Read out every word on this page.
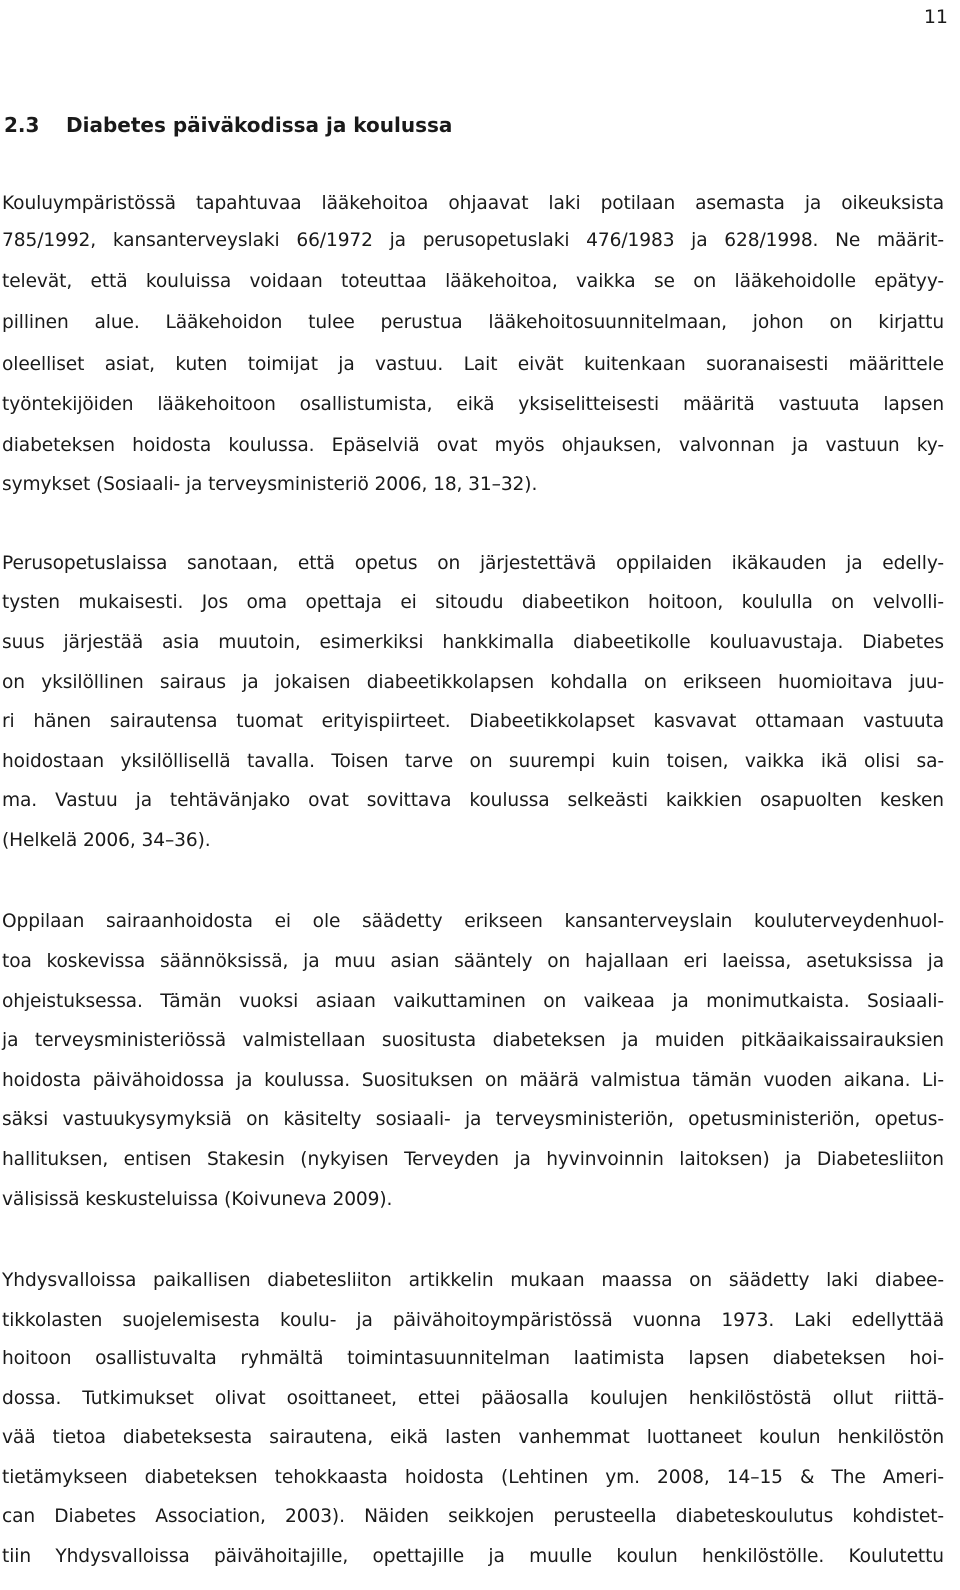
11
2.3 Diabetes päiväkodissa ja koulussa
Kouluympäristössä tapahtuvaa lääkehoitoa ohjaavat laki potilaan asemasta ja oikeuksista
785/1992, kansanterveyslaki 66/1972 ja perusopetuslaki 476/1983 ja 628/1998. Ne määrit-
televät, että kouluissa voidaan toteuttaa lääkehoitoa, vaikka se on lääkehoidolle epätyy-
pillinen alue. Lääkehoidon tulee perustua lääkehoitosuunnitelmaan, johon on kirjattu
oleelliset asiat, kuten toimijat ja vastuu. Lait eivät kuitenkaan suoranaisesti määrittele
työntekijöiden lääkehoitoon osallistumista, eikä yksiselitteisesti määritä vastuuta lapsen
diabeteksen hoidosta koulussa. Epäselviä ovat myös ohjauksen, valvonnan ja vastuun ky-
symykset (Sosiaali- ja terveysministeriö 2006, 18, 31–32).
Perusopetuslaissa sanotaan, että opetus on järjestettävä oppilaiden ikäkauden ja edelly-
tysten mukaisesti. Jos oma opettaja ei sitoudu diabeetikon hoitoon, koululla on velvolli-
suus järjestää asia muutoin, esimerkiksi hankkimalla diabeetikolle kouluavustaja. Diabetes
on yksilöllinen sairaus ja jokaisen diabeetikkolapsen kohdalla on erikseen huomioitava juu-
ri hänen sairautensa tuomat erityispiirteet. Diabeetikkolapset kasvavat ottamaan vastuuta
hoidostaan yksilöllisellä tavalla. Toisen tarve on suurempi kuin toisen, vaikka ikä olisi sa-
ma. Vastuu ja tehtävänjako ovat sovittava koulussa selkeästi kaikkien osapuolten kesken
(Helkelä 2006, 34–36).
Oppilaan sairaanhoidosta ei ole säädetty erikseen kansanterveyslain kouluterveydenhuol-
toa koskevissa säännöksissä, ja muu asian sääntely on hajallaan eri laeissa, asetuksissa ja
ohjeistuksessa. Tämän vuoksi asiaan vaikuttaminen on vaikeaa ja monimutkaista. Sosiaali-
ja terveysministeriössä valmistellaan suositusta diabeteksen ja muiden pitkäaikaissairauksien
hoidosta päivähoidossa ja koulussa. Suosituksen on määrä valmistua tämän vuoden aikana. Li-
säksi vastuukysymyksiä on käsitelty sosiaali- ja terveysministeriön, opetusministeriön, opetus-
hallituksen, entisen Stakesin (nykyisen Terveyden ja hyvinvoinnin laitoksen) ja Diabetesliiton
välisissä keskusteluissa (Koivuneva 2009).
Yhdysvalloissa paikallisen diabetesliiton artikkelin mukaan maassa on säädetty laki diabee-
tikkolasten suojelemisesta koulu- ja päivähoitoympäristössä vuonna 1973. Laki edellyttää
hoitoon osallistuvalta ryhmältä toimintasuunnitelman laatimista lapsen diabeteksen hoi-
dossa. Tutkimukset olivat osoittaneet, ettei pääosalla koulujen henkilöstöstä ollut riittä-
vää tietoa diabeteksesta sairautena, eikä lasten vanhemmat luottaneet koulun henkilöstön
tietämykseen diabeteksen tehokkaasta hoidosta (Lehtinen ym. 2008, 14–15 & The Ameri-
can Diabetes Association, 2003). Näiden seikkojen perusteella diabeteskoulutus kohdistet-
tiin Yhdysvalloissa päivähoitajille, opettajille ja muulle koulun henkilöstölle. Koulutettu
